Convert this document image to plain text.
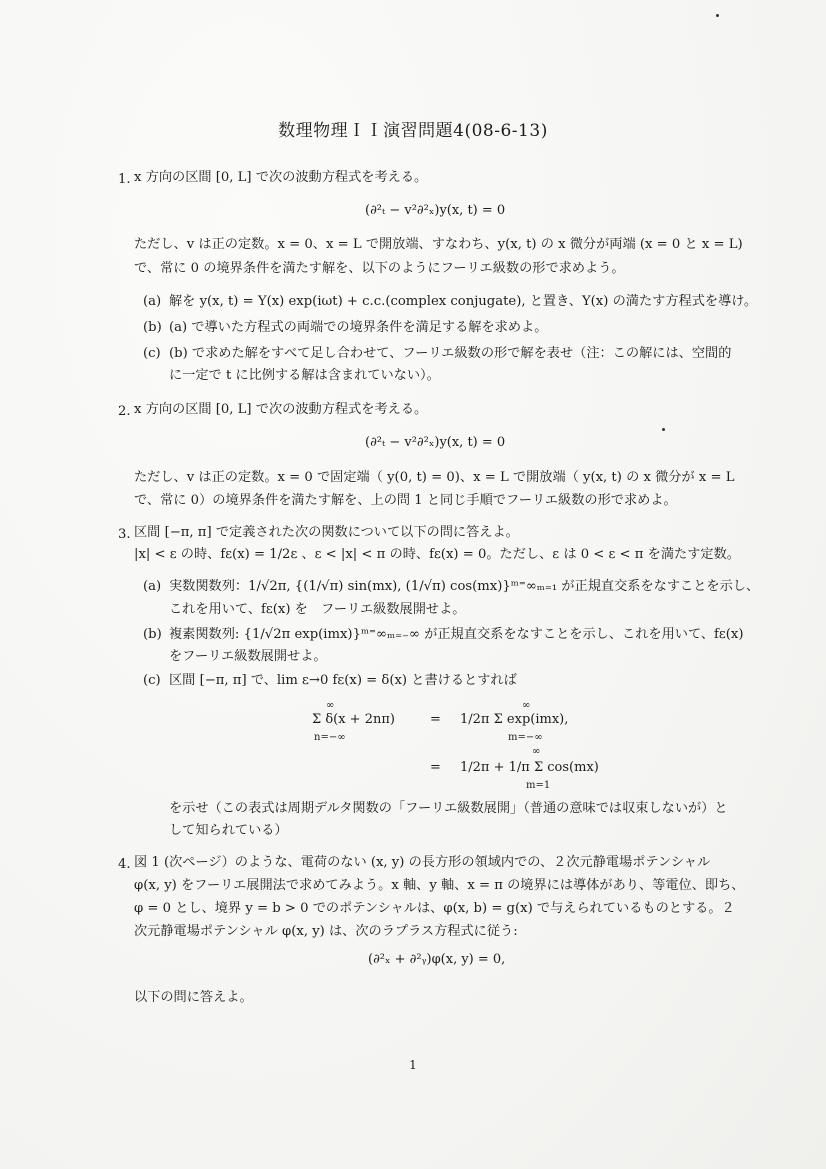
数理物理ＩＩ演習問題4(08-6-13)
1. x 方向の区間 [0, L] で次の波動方程式を考える。
(∂²ₜ − v²∂²ₓ)y(x, t) = 0
ただし、v は正の定数。x = 0、x = L で開放端、すなわち、y(x, t) の x 微分が両端 (x = 0 と x = L)
で、常に 0 の境界条件を満たす解を、以下のようにフーリエ級数の形で求めよう。
(a) 解を y(x, t) = Y(x) exp(iωt) + c.c.(complex conjugate), と置き、Y(x) の満たす方程式を導け。
(b) (a) で導いた方程式の両端での境界条件を満足する解を求めよ。
(c) (b) で求めた解をすべて足し合わせて、フーリエ級数の形で解を表せ（注：この解には、空間的
に一定で t に比例する解は含まれていない）。
2. x 方向の区間 [0, L] で次の波動方程式を考える。
(∂²ₜ − v²∂²ₓ)y(x, t) = 0
ただし、v は正の定数。x = 0 で固定端（ y(0, t) = 0)、x = L で開放端（ y(x, t) の x 微分が x = L
で、常に 0）の境界条件を満たす解を、上の問 1 と同じ手順でフーリエ級数の形で求めよ。
3. 区間 [−π, π] で定義された次の関数について以下の問に答えよ。
|x| < ε の時、fε(x) = 1/2ε 、ε < |x| < π の時、fε(x) = 0。ただし、ε は 0 < ε < π を満たす定数。
(a) 実数関数列：1/√2π, {(1/√π) sin(mx), (1/√π) cos(mx)}ᵐ⁼∞ₘ₌₁ が正規直交系をなすことを示し、
これを用いて、fε(x) を　フーリエ級数展開せよ。
(b) 複素関数列: {1/√2π exp(imx)}ᵐ⁼∞ₘ₌₋∞ が正規直交系をなすことを示し、これを用いて、fε(x)
をフーリエ級数展開せよ。
(c) 区間 [−π, π] で、lim ε→0 fε(x) = δ(x) と書けるとすれば
∞
Σ δ(x + 2nπ)
n=−∞
=
∞
1/2π Σ exp(imx),
m=−∞
=
∞
1/2π + 1/π Σ cos(mx)
m=1
を示せ（この表式は周期デルタ関数の「フーリエ級数展開」（普通の意味では収束しないが）と
して知られている）
4. 図 1 (次ページ）のような、電荷のない (x, y) の長方形の領域内での、２次元静電場ポテンシャル
φ(x, y) をフーリエ展開法で求めてみよう。x 軸、y 軸、x = π の境界には導体があり、等電位、即ち、
φ = 0 とし、境界 y = b > 0 でのポテンシャルは、φ(x, b) = g(x) で与えられているものとする。２
次元静電場ポテンシャル φ(x, y) は、次のラプラス方程式に従う:
(∂²ₓ + ∂²ᵧ)φ(x, y) = 0,
以下の問に答えよ。
1
